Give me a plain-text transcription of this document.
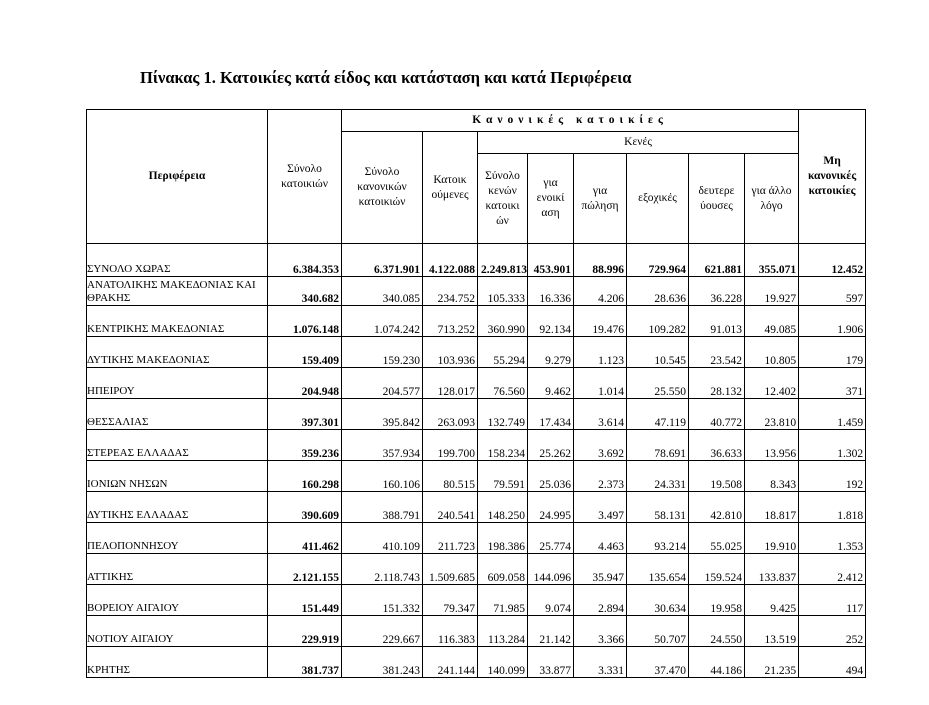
Πίνακας 1. Κατοικίες κατά είδος και κατάσταση και κατά Περιφέρεια
Περιφέρεια	Σύνολο κατοικιών	Κανονικές κατοικίες								Μη κανονικές κατοικίες
		Σύνολο κανονικών κατοικιών	Κατοικ ούμενες	Κενές						
				Σύνολο κενών κατοικι ών	για ενοικί αση	για πώληση	εξοχικές	δευτερε ύουσες	για άλλο λόγο	
ΣΥΝΟΛΟ ΧΩΡΑΣ	6.384.353	6.371.901	4.122.088	2.249.813	453.901	88.996	729.964	621.881	355.071	12.452
ΑΝΑΤΟΛΙΚΗΣ ΜΑΚΕΔΟΝΙΑΣ ΚΑΙ ΘΡΑΚΗΣ	340.682	340.085	234.752	105.333	16.336	4.206	28.636	36.228	19.927	597
ΚΕΝΤΡΙΚΗΣ ΜΑΚΕΔΟΝΙΑΣ	1.076.148	1.074.242	713.252	360.990	92.134	19.476	109.282	91.013	49.085	1.906
ΔΥΤΙΚΗΣ ΜΑΚΕΔΟΝΙΑΣ	159.409	159.230	103.936	55.294	9.279	1.123	10.545	23.542	10.805	179
ΗΠΕΙΡΟΥ	204.948	204.577	128.017	76.560	9.462	1.014	25.550	28.132	12.402	371
ΘΕΣΣΑΛΙΑΣ	397.301	395.842	263.093	132.749	17.434	3.614	47.119	40.772	23.810	1.459
ΣΤΕΡΕΑΣ ΕΛΛΑΔΑΣ	359.236	357.934	199.700	158.234	25.262	3.692	78.691	36.633	13.956	1.302
ΙΟΝΙΩΝ ΝΗΣΩΝ	160.298	160.106	80.515	79.591	25.036	2.373	24.331	19.508	8.343	192
ΔΥΤΙΚΗΣ ΕΛΛΑΔΑΣ	390.609	388.791	240.541	148.250	24.995	3.497	58.131	42.810	18.817	1.818
ΠΕΛΟΠΟΝΝΗΣΟΥ	411.462	410.109	211.723	198.386	25.774	4.463	93.214	55.025	19.910	1.353
ΑΤΤΙΚΗΣ	2.121.155	2.118.743	1.509.685	609.058	144.096	35.947	135.654	159.524	133.837	2.412
ΒΟΡΕΙΟΥ ΑΙΓΑΙΟΥ	151.449	151.332	79.347	71.985	9.074	2.894	30.634	19.958	9.425	117
ΝΟΤΙΟΥ ΑΙΓΑΙΟΥ	229.919	229.667	116.383	113.284	21.142	3.366	50.707	24.550	13.519	252
ΚΡΗΤΗΣ	381.737	381.243	241.144	140.099	33.877	3.331	37.470	44.186	21.235	494
